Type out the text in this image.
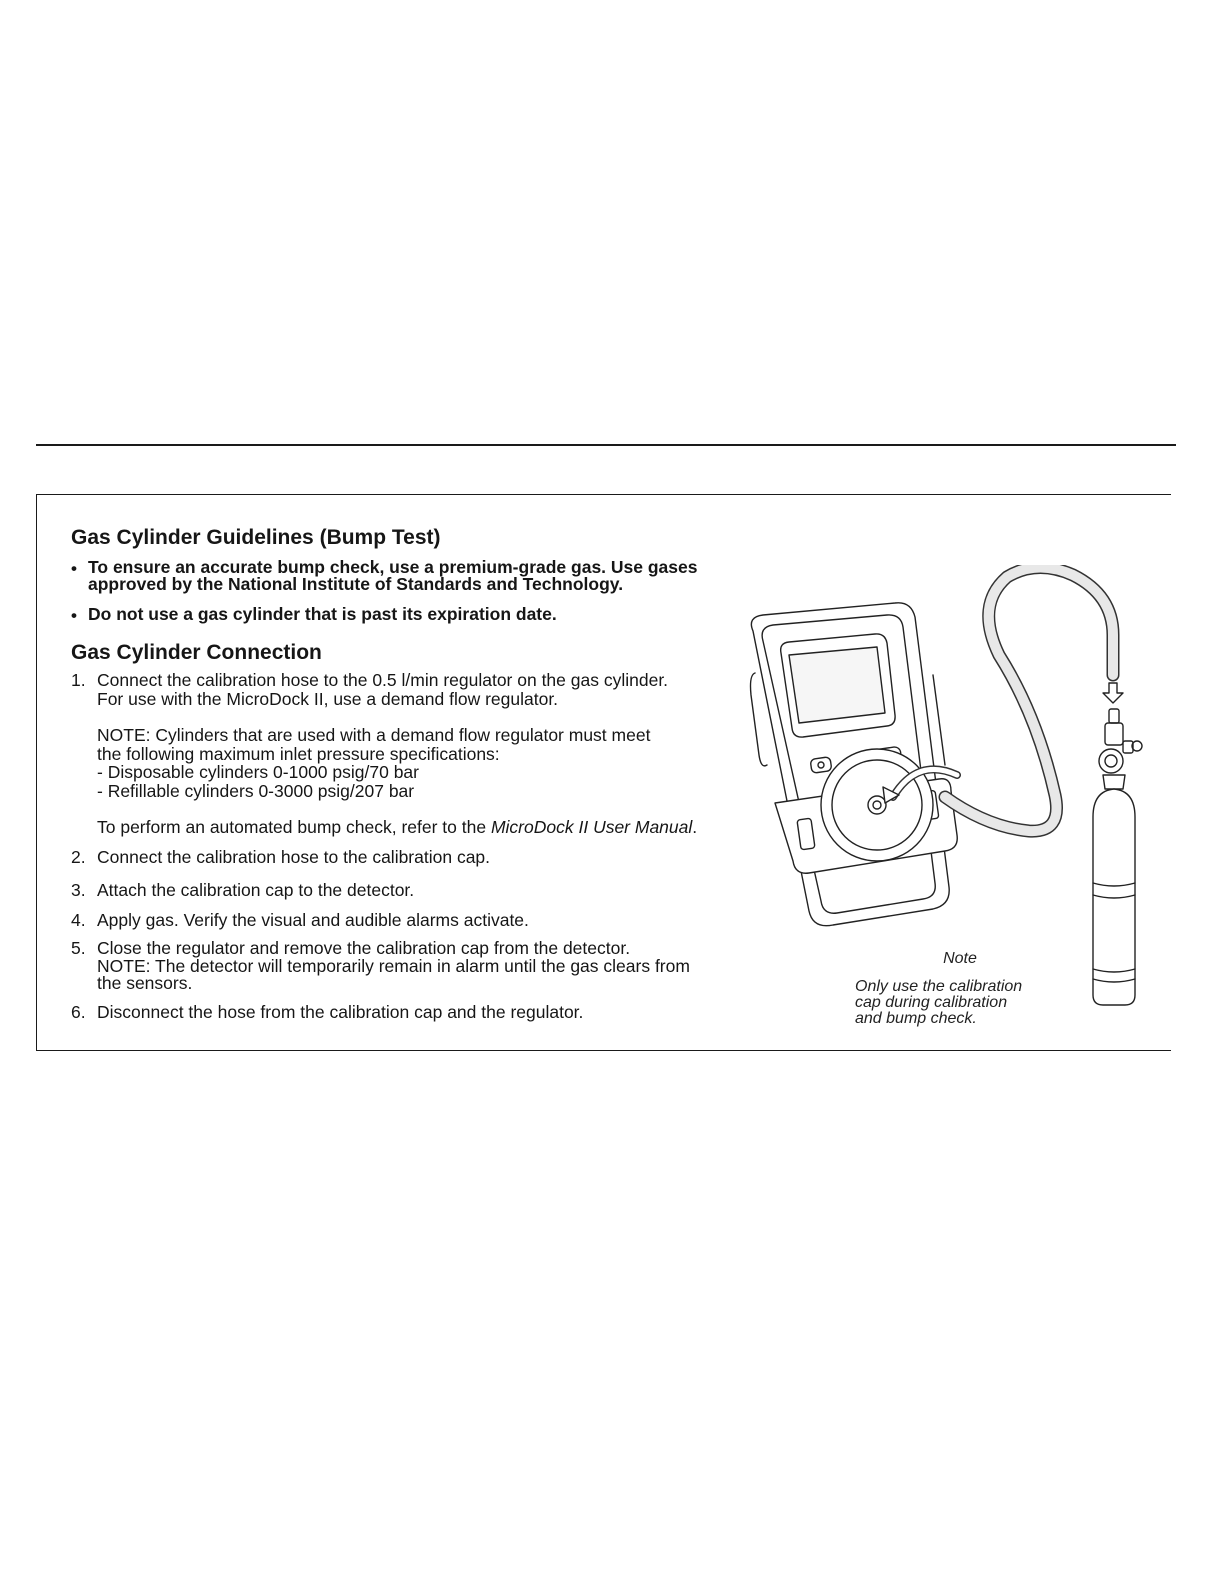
Gas Cylinder Guidelines (Bump Test)
• To ensure an accurate bump check, use a premium-grade gas. Use gases
approved by the National Institute of Standards and Technology.
• Do not use a gas cylinder that is past its expiration date.
Gas Cylinder Connection
1. Connect the calibration hose to the 0.5 l/min regulator on the gas cylinder.
For use with the MicroDock II, use a demand flow regulator.
NOTE: Cylinders that are used with a demand flow regulator must meet
the following maximum inlet pressure specifications:
- Disposable cylinders 0-1000 psig/70 bar
- Refillable cylinders 0-3000 psig/207 bar
To perform an automated bump check, refer to the MicroDock II User Manual.
2. Connect the calibration hose to the calibration cap.
3. Attach the calibration cap to the detector.
4. Apply gas. Verify the visual and audible alarms activate.
5. Close the regulator and remove the calibration cap from the detector.
NOTE: The detector will temporarily remain in alarm until the gas clears from
the sensors.
6. Disconnect the hose from the calibration cap and the regulator.
Note
Only use the calibration
cap during calibration
and bump check.
